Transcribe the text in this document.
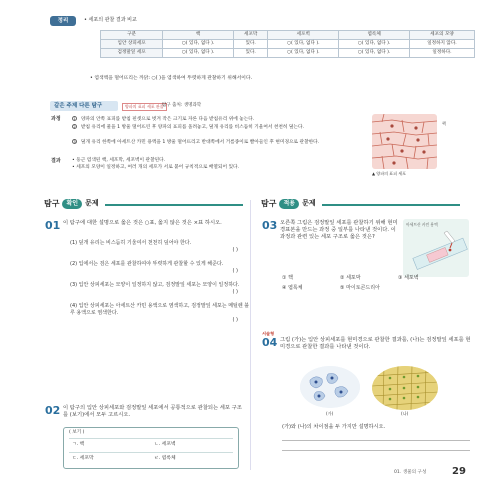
정리	• 세포의 관찰 결과 비교
구분	핵	세포막	세포벽	엽록체	세포의 모양
입안 상피세포	○( 있다, 없다 ).	있다.	○( 있다, 없다 ).	○( 있다, 없다 ).	일정하지 않다.
검정말잎 세포	○( 있다, 없다 ).	있다.	○( 있다, 없다 ).	○( 있다, 없다 ).	일정하다.
• 염색액을 떨어뜨리는 까닭: ○( )을 염색하여 뚜렷하게 관찰하기 위해서이다.
같은 주제 다른 탐구	양파의 표피 세포 관찰
탐구 출처: 생명과학
과정	1 양파의 안쪽 표피를 받침 핀셋으로 벗겨 작은 크기로 자른 다음 받침유리 위에 놓는다.
2 받침 유리에 물을 1 방울 떨어뜨린 후 양파의 표피를 올려놓고, 덮개 유리를 비스듬히 기울여서 천천히 덮는다.
3 덮개 유리 한쪽에 아세트산 카민 용액을 1 방울 떨어뜨리고 반대쪽에서 거름종이로 빨아들인 후 현미경으로 관찰한다.
결과 • 둥근 염색된 핵, 세포막, 세포벽이 관찰된다.
• 세포의 모양이 일정하고, 여러 개의 세포가 서로 붙어 규칙적으로 배열되어 있다.
핵
▲ 양파의 표피 세포
탐구	확인	문제	탐구	적용	문제
01 이 탐구에 대한 설명으로 옳은 것은 ○표, 옳지 않은 것은 ×표 하시오.
(1) 덮개 유리는 비스듬히 기울여서 천천히 덮어야 한다.
( )
(2) 입에서는 검은 세포를 관찰하여야 뚜렷하게 관찰할 수 있게 해준다.
( )
(3) 입안 상피세포는 모양이 일정하지 않고, 검정말잎 세포는 모양이 일정하다.
( )
(4) 입안 상피세포는 아세트산 카민 용액으로 염색하고, 검정말잎 세포는 메틸렌 블루 용액으로 염색한다.
( )
02 이 탐구의 입안 상피세포와 검정말잎 세포에서 공통적으로 관찰되는 세포 구조를 (보기)에서 모두 고르시오.
( 보기 )
ㄱ. 핵	ㄴ. 세포벽
ㄷ. 세포막	ㄹ. 엽록체
03 오른쪽 그림은 검정말잎 세포를 관찰하기 위해 현미경표본을 만드는 과정 중 일부를 나타낸 것이다. 이 과정과 관련 있는 세포 구조로 옳은 것은?
아세트산 카민 용액
① 핵	② 세포막	③ 세포벽
④ 엽록체	⑤ 마이토콘드리아
서술형
04 그림 (가)는 입안 상피세포를 현미경으로 관찰한 결과를, (나)는 검정말잎 세포를 현미경으로 관찰한 결과를 나타낸 것이다.
(가)	(나)
(가)와 (나)의 차이점을 두 가지만 설명하시오.
01. 생물의 구성	29
